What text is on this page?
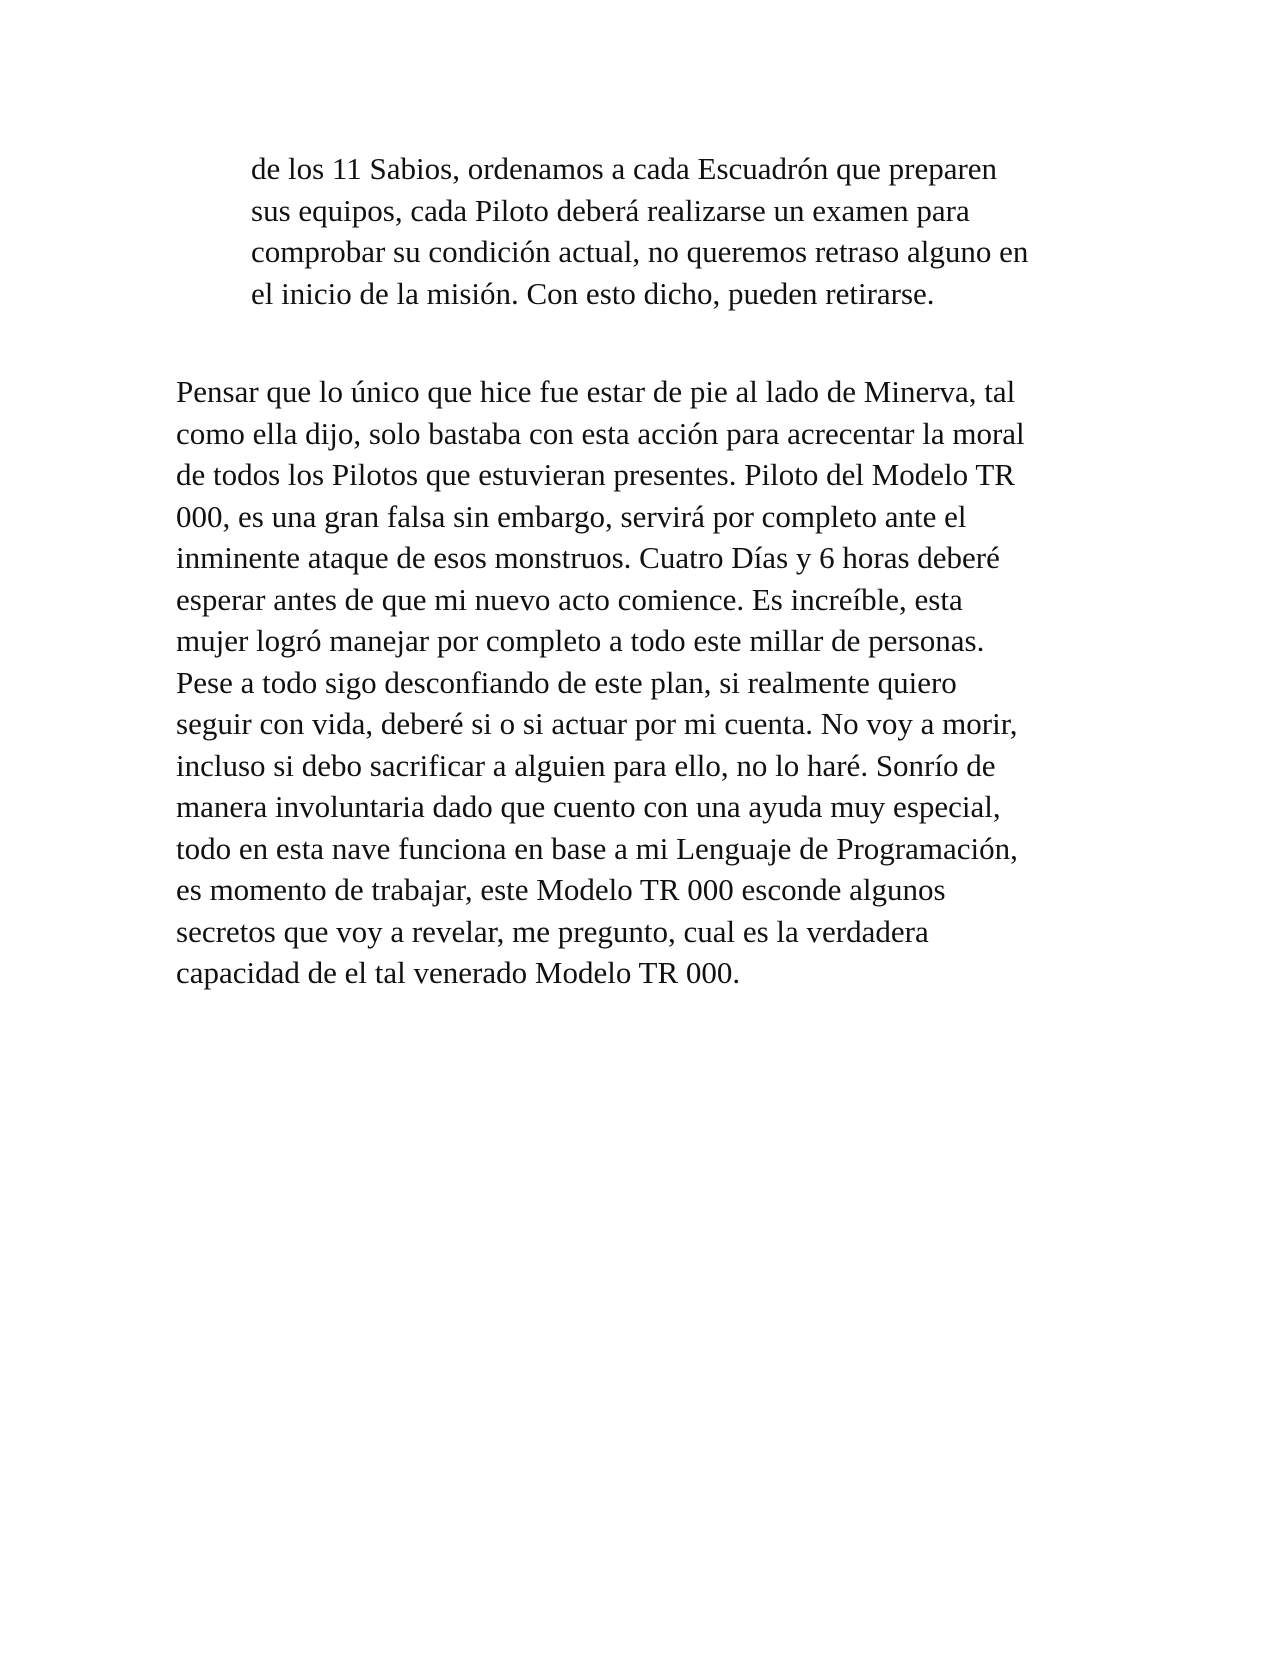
de los 11 Sabios, ordenamos a cada Escuadrón que preparen

sus equipos, cada Piloto deberá realizarse un examen para

comprobar su condición actual, no queremos retraso alguno en

el inicio de la misión. Con esto dicho, pueden retirarse.

Pensar que lo único que hice fue estar de pie al lado de Minerva, tal

como ella dijo, solo bastaba con esta acción para acrecentar la moral

de todos los Pilotos que estuvieran presentes. Piloto del Modelo TR

000, es una gran falsa sin embargo, servirá por completo ante el

inminente ataque de esos monstruos. Cuatro Días y 6 horas deberé

esperar antes de que mi nuevo acto comience. Es increíble, esta

mujer logró manejar por completo a todo este millar de personas.

Pese a todo sigo desconfiando de este plan, si realmente quiero

seguir con vida, deberé si o si actuar por mi cuenta. No voy a morir,

incluso si debo sacrificar a alguien para ello, no lo haré. Sonrío de

manera involuntaria dado que cuento con una ayuda muy especial,

todo en esta nave funciona en base a mi Lenguaje de Programación,

es momento de trabajar, este Modelo TR 000 esconde algunos

secretos que voy a revelar, me pregunto, cual es la verdadera

capacidad de el tal venerado Modelo TR 000.
